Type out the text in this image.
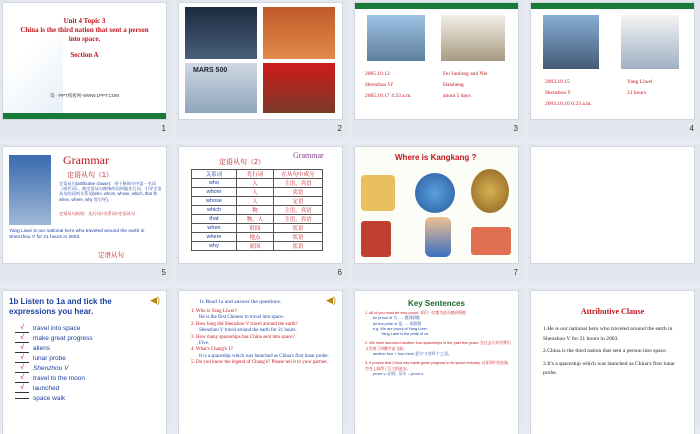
Unit 4 Topic 3
China is the third nation that sent a person into space.
Section A
第一PPT模板网-WWW.1PPT.COM
1
MARS 500
2
2005.10.12
Shenzhou VI
2005.10.17 4:33 a.m.
Fei Junlong and Nie Haisheng
about 5 days
3
2003.10.15
Shenzhou V
2003.10.16 6:23 a.m.
Yang Liwei
21 hours
4
Grammar
定语从句（1）
定语从句(attributive clause)：用于修饰句中某一名词（或代词）。被定语从句修饰的词叫做先行词，引导定语从句的词叫关系词(who, whom, whose, which, that 和 when, where, why 等引导)。
定语从句结构：先行词+关系词+定语从句
Yang Liwei is our national hero who traveled around the earth in Shenzhou V for 21 hours in 2003.
定语从句
5
定语从句（2）
Grammar
关系词	先行词	在从句中成分
who	人	主语，宾语
whom	人	宾语
whose	人	定语
which	物	主语，宾语
that	物，人	主语，宾语
when	时间	状语
where	地点	状语
why	原因	状语
6
Where is Kangkang ?
7
◀)
1b Listen to 1a and tick the expressions you hear.
√	travel into space
√	make great progress
√	aliens
√	lunar probe
√	Shenzhou V
√	travel to the moon
√	launched
space walk
8
◀)
1c Read 1a and answer the questions.
1. Who is Yang Liwei?
He is the first Chinese to travel into space.
2. How long did Shenzhou V travel around the earth?
Shenzhou V travel around the earth for 21 hours.
3. How many spaceships has China sent into space?
Five.
4. What's Chang'e 1?
It is a spaceship which was launched as China's first lunar probe.
5. Do you know the legend of Chang'e? Please tell it to your partner.
9
Key Sentences
1. All of you must be very proud. 你们一定都为此而感到骄傲
be proud of 为……感到骄傲
be the pride of 是……的骄傲
e.g. We are proud of Yang Liwei.
Yang Liwei is the pride of us.
2. We have launched another four spaceships in the past few years. 在过去几年里我们又发射了四艘宇宙飞船。
another four = four more 意为“又有四个”之意。
3. It proves that China has made great progress in its space industry. 这证明中国在航空业上取得了巨大的进步。
prove v. 证明；证实 →proof n.
10
Attributive Clause
1.He is our national hero who traveled around the earth in Shenzhou V for 21 hours in 2003.
2.China is the third nation that sent a person into space.
3.It's a spaceship which was launched as China's first lunar probe.
11
